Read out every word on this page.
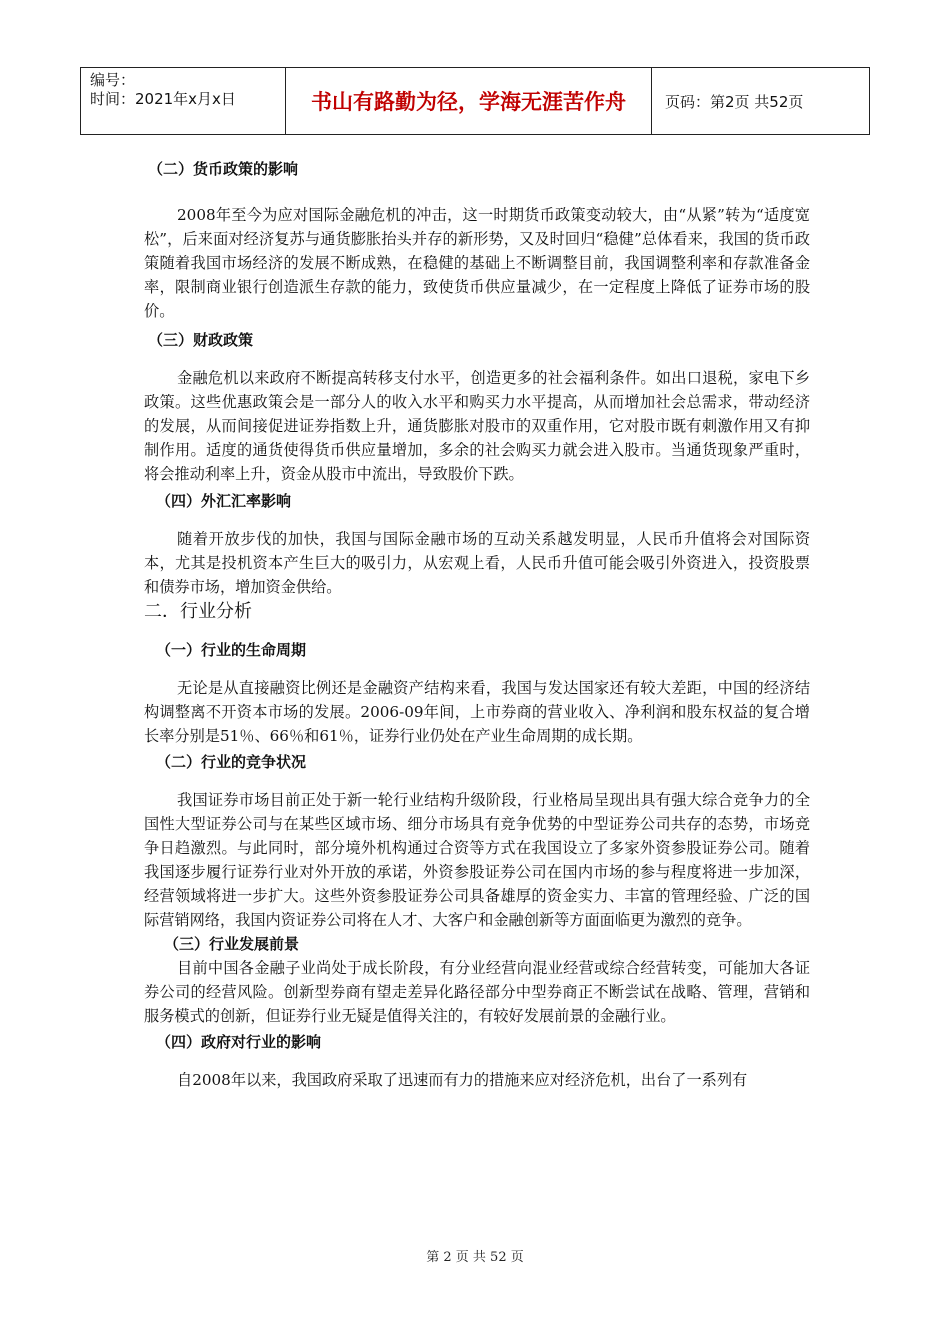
编号：
时间：2021年x月x日	书山有路勤为径，学海无涯苦作舟	页码：第2页 共52页

（二）货币政策的影响

2008年至今为应对国际金融危机的冲击，这一时期货币政策变动较大，由“从紧”转为“适度宽松”，后来面对经济复苏与通货膨胀抬头并存的新形势，又及时回归“稳健”总体看来，我国的货币政策随着我国市场经济的发展不断成熟，在稳健的基础上不断调整目前，我国调整利率和存款准备金率，限制商业银行创造派生存款的能力，致使货币供应量减少，在一定程度上降低了证券市场的股价。

（三）财政政策

金融危机以来政府不断提高转移支付水平，创造更多的社会福利条件。如出口退税，家电下乡政策。这些优惠政策会是一部分人的收入水平和购买力水平提高，从而增加社会总需求，带动经济的发展，从而间接促进证券指数上升，通货膨胀对股市的双重作用，它对股市既有刺激作用又有抑制作用。适度的通货使得货币供应量增加，多余的社会购买力就会进入股市。当通货现象严重时，将会推动利率上升，资金从股市中流出，导致股价下跌。

（四）外汇汇率影响

随着开放步伐的加快，我国与国际金融市场的互动关系越发明显，人民币升值将会对国际资本，尤其是投机资本产生巨大的吸引力，从宏观上看，人民币升值可能会吸引外资进入，投资股票和债券市场，增加资金供给。

二．行业分析

（一）行业的生命周期

无论是从直接融资比例还是金融资产结构来看，我国与发达国家还有较大差距，中国的经济结构调整离不开资本市场的发展。2006-09年间，上市券商的营业收入、净利润和股东权益的复合增长率分别是51％、66％和61％，证券行业仍处在产业生命周期的成长期。

（二）行业的竞争状况

我国证券市场目前正处于新一轮行业结构升级阶段，行业格局呈现出具有强大综合竞争力的全国性大型证券公司与在某些区域市场、细分市场具有竞争优势的中型证券公司共存的态势，市场竞争日趋激烈。与此同时，部分境外机构通过合资等方式在我国设立了多家外资参股证券公司。随着我国逐步履行证券行业对外开放的承诺，外资参股证券公司在国内市场的参与程度将进一步加深，经营领域将进一步扩大。这些外资参股证券公司具备雄厚的资金实力、丰富的管理经验、广泛的国际营销网络，我国内资证券公司将在人才、大客户和金融创新等方面面临更为激烈的竞争。

（三）行业发展前景

目前中国各金融子业尚处于成长阶段，有分业经营向混业经营或综合经营转变，可能加大各证券公司的经营风险。创新型券商有望走差异化路径部分中型券商正不断尝试在战略、管理，营销和服务模式的创新，但证券行业无疑是值得关注的，有较好发展前景的金融行业。

（四）政府对行业的影响

自2008年以来，我国政府采取了迅速而有力的措施来应对经济危机，出台了一系列有

第 2 页 共 52 页
